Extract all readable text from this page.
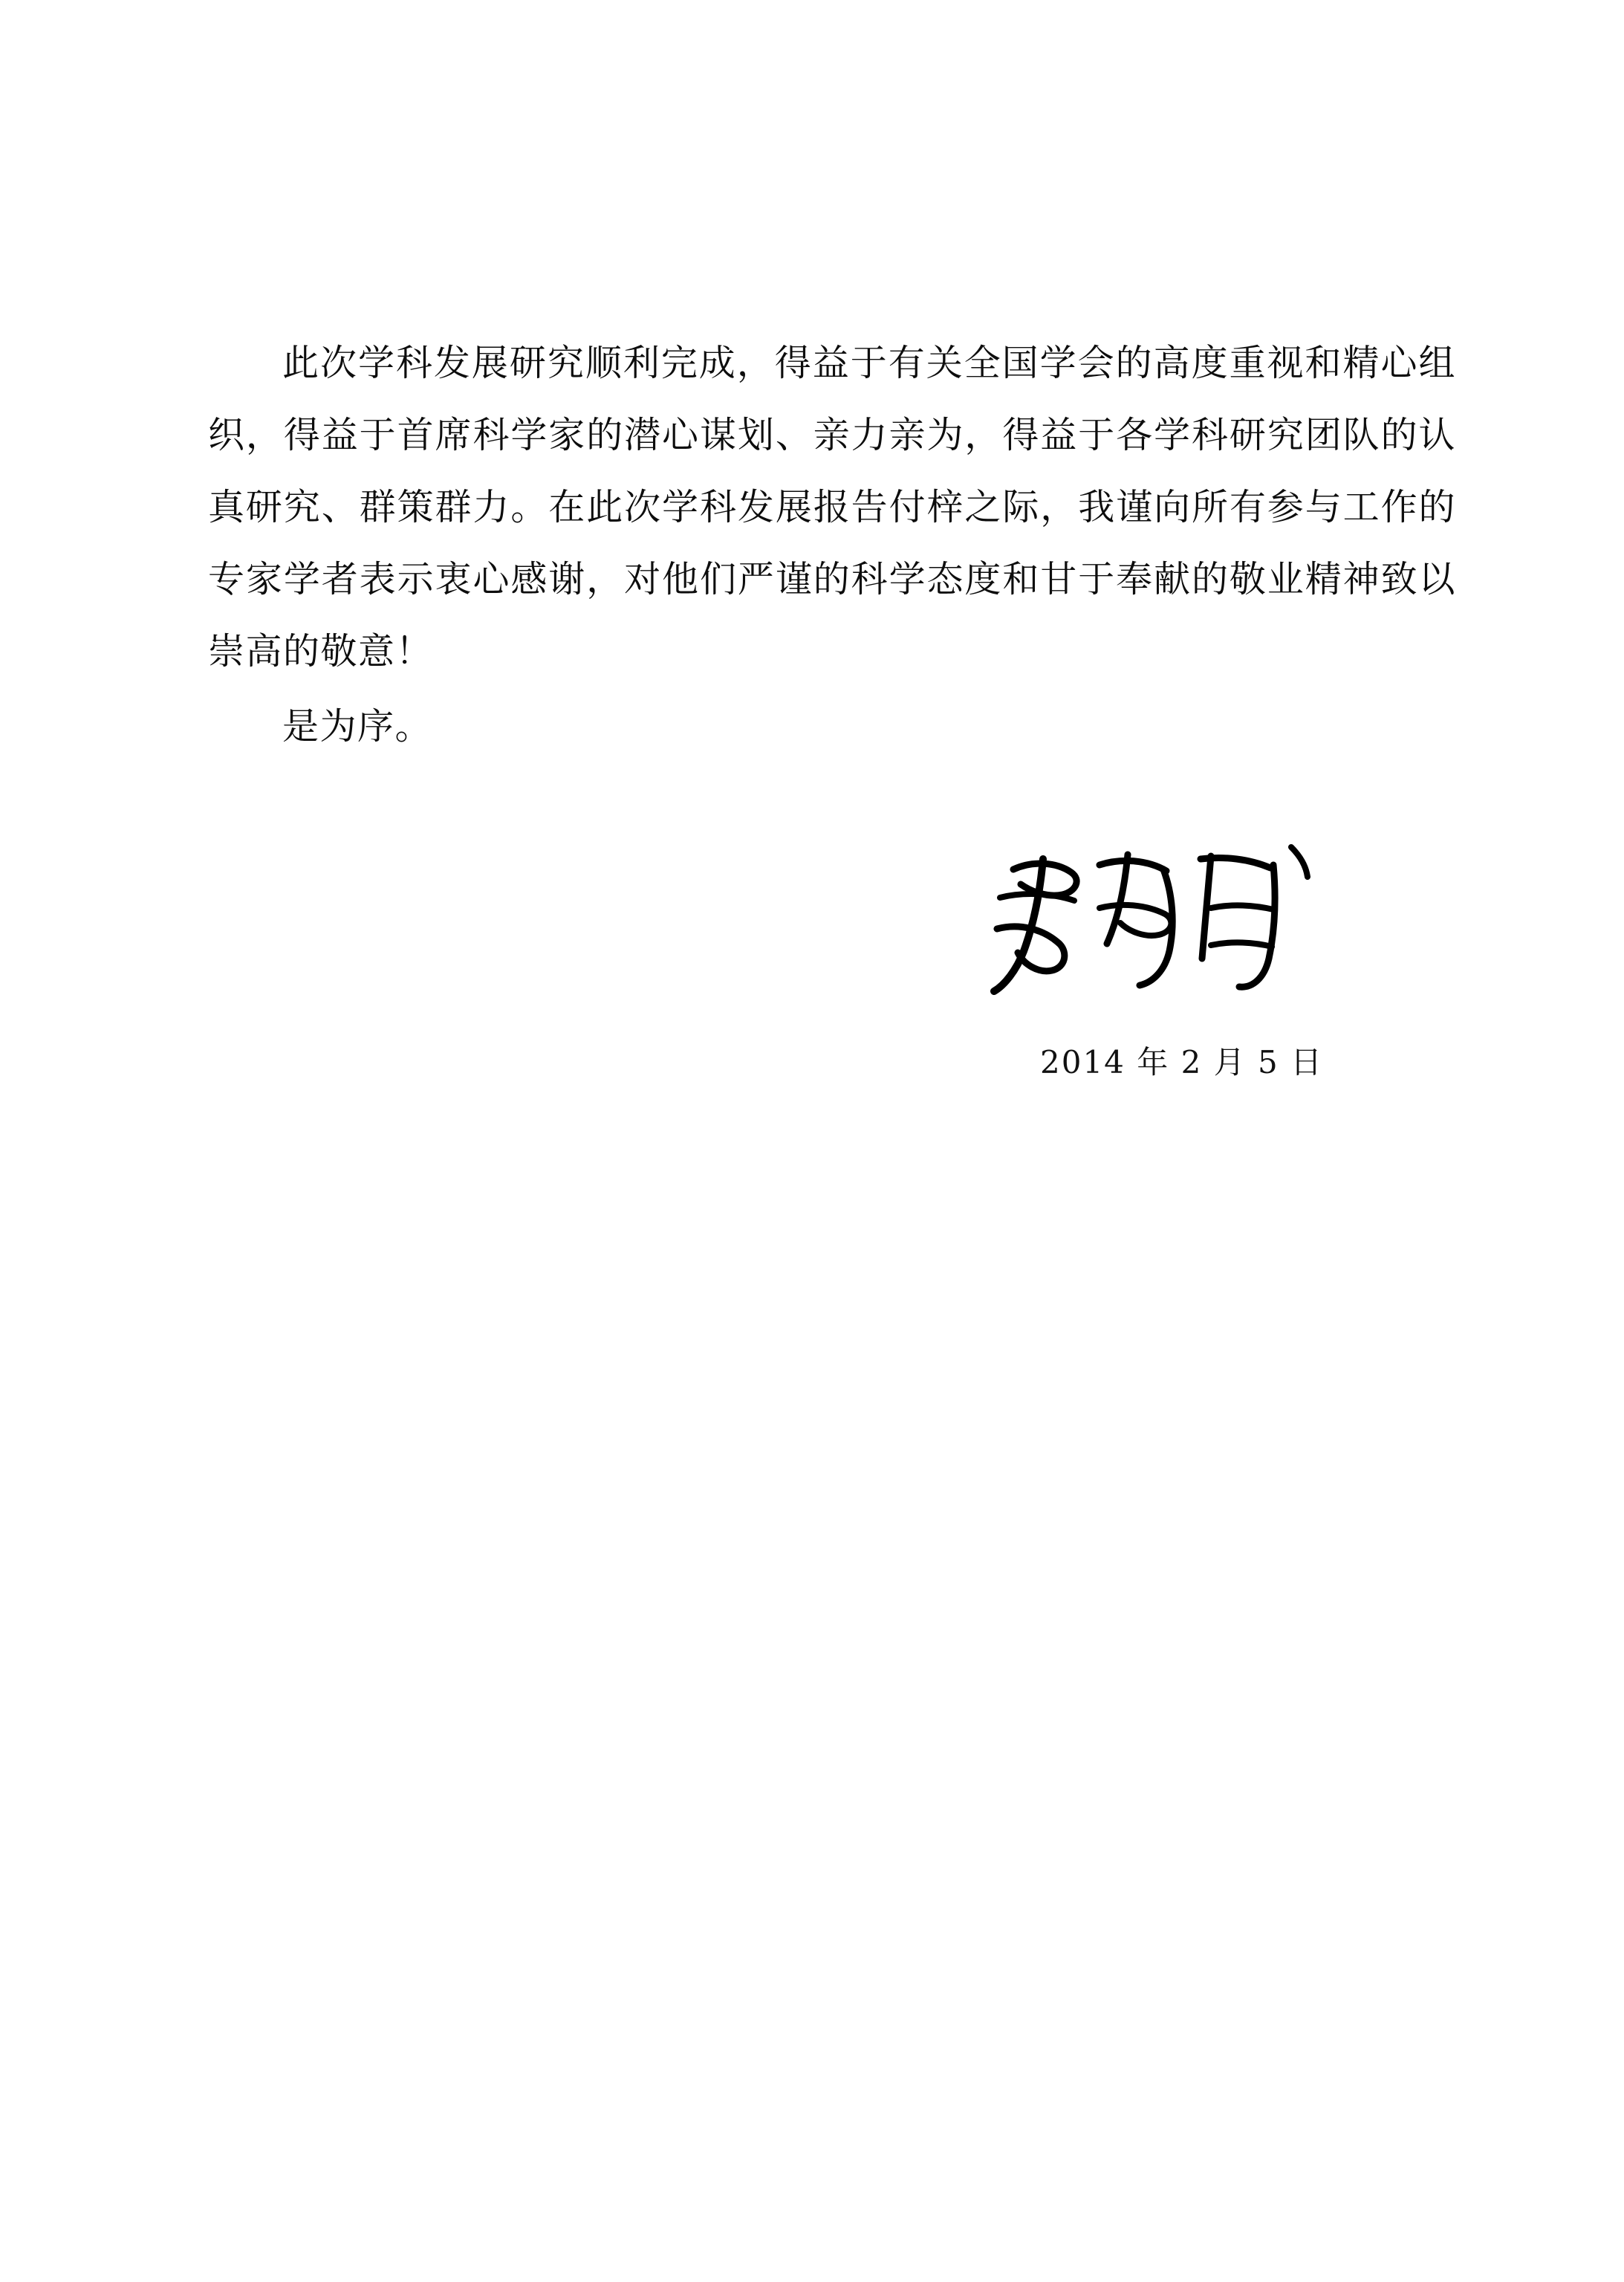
此次学科发展研究顺利完成，得益于有关全国学会的高度重视和精心组织，得益于首席科学家的潜心谋划、亲力亲为，得益于各学科研究团队的认真研究、群策群力。在此次学科发展报告付梓之际，我谨向所有参与工作的专家学者表示衷心感谢，对他们严谨的科学态度和甘于奉献的敬业精神致以崇高的敬意！

是为序。

2014 年 2 月 5 日
